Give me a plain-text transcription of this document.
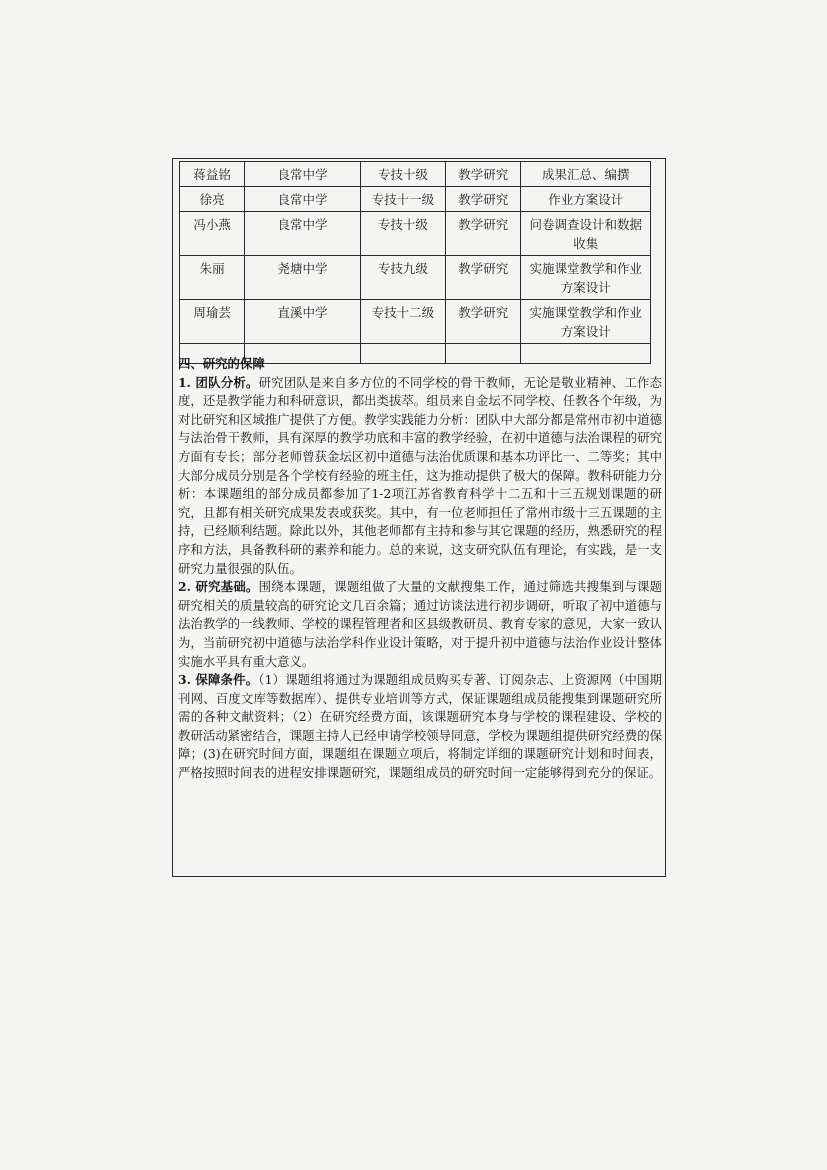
蒋益铭	良常中学	专技十级	教学研究	成果汇总、编撰
徐亮	良常中学	专技十一级	教学研究	作业方案设计
冯小燕	良常中学	专技十级	教学研究	问卷调查设计和数据收集
朱丽	尧塘中学	专技九级	教学研究	实施课堂教学和作业方案设计
周瑜芸	直溪中学	专技十二级	教学研究	实施课堂教学和作业方案设计

四、研究的保障

1. 团队分析。研究团队是来自多方位的不同学校的骨干教师，无论是敬业精神、工作态度，还是教学能力和科研意识，都出类拔萃。组员来自金坛不同学校、任教各个年级，为对比研究和区域推广提供了方便。教学实践能力分析：团队中大部分都是常州市初中道德与法治骨干教师，具有深厚的教学功底和丰富的教学经验，在初中道德与法治课程的研究方面有专长；部分老师曾获金坛区初中道德与法治优质课和基本功评比一、二等奖；其中大部分成员分别是各个学校有经验的班主任，这为推动提供了极大的保障。教科研能力分析：本课题组的部分成员都参加了1-2项江苏省教育科学十二五和十三五规划课题的研究，且都有相关研究成果发表或获奖。其中，有一位老师担任了常州市级十三五课题的主持，已经顺利结题。除此以外，其他老师都有主持和参与其它课题的经历，熟悉研究的程序和方法，具备教科研的素养和能力。总的来说，这支研究队伍有理论，有实践，是一支研究力量很强的队伍。

2. 研究基础。围绕本课题，课题组做了大量的文献搜集工作，通过筛选共搜集到与课题研究相关的质量较高的研究论文几百余篇；通过访谈法进行初步调研，听取了初中道德与法治教学的一线教师、学校的课程管理者和区县级教研员、教育专家的意见，大家一致认为，当前研究初中道德与法治学科作业设计策略，对于提升初中道德与法治作业设计整体实施水平具有重大意义。

3. 保障条件。（1）课题组将通过为课题组成员购买专著、订阅杂志、上资源网（中国期刊网、百度文库等数据库）、提供专业培训等方式，保证课题组成员能搜集到课题研究所需的各种文献资料；（2）在研究经费方面，该课题研究本身与学校的课程建设、学校的教研活动紧密结合，课题主持人已经申请学校领导同意，学校为课题组提供研究经费的保障；(3)在研究时间方面，课题组在课题立项后，将制定详细的课题研究计划和时间表，严格按照时间表的进程安排课题研究，课题组成员的研究时间一定能够得到充分的保证。
